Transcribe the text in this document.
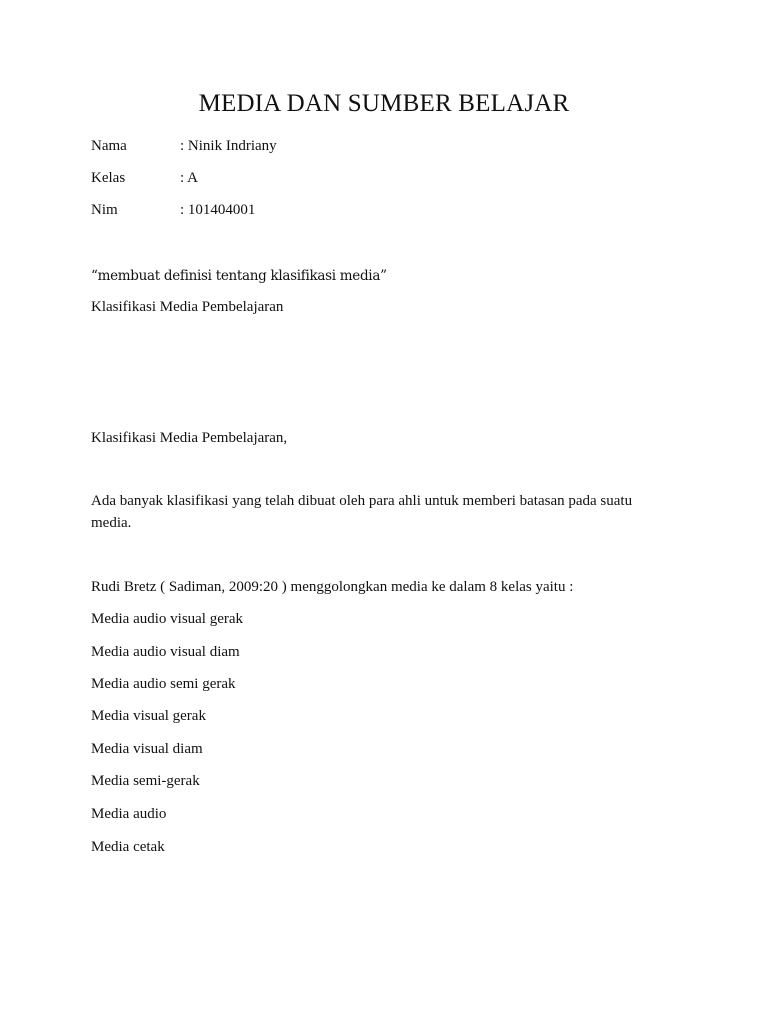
MEDIA DAN SUMBER BELAJAR
Nama	: Ninik Indriany
Kelas	: A
Nim	: 101404001
“membuat definisi tentang klasifikasi media”
Klasifikasi Media Pembelajaran
Klasifikasi Media Pembelajaran,
Ada banyak klasifikasi yang telah dibuat oleh para ahli untuk memberi batasan pada suatu media.
Rudi Bretz ( Sadiman, 2009:20 ) menggolongkan media ke dalam 8 kelas yaitu :
Media audio visual gerak
Media audio visual diam
Media audio semi gerak
Media visual gerak
Media visual diam
Media semi-gerak
Media audio
Media cetak
